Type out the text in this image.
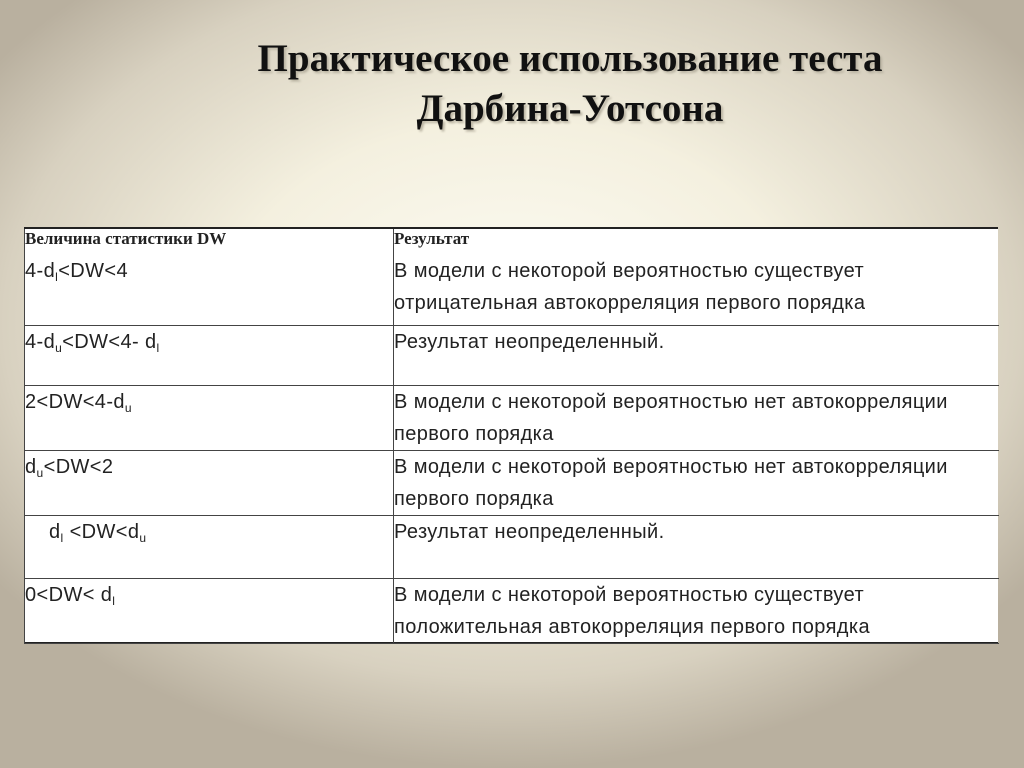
Практическое использование теста
Дарбина-Уотсона
Величина статистики DW	Результат
$4-d_l<DW<4$	В модели с некоторой вероятностью существует отрицательная автокорреляция первого порядка
$4-d_u<DW<4-$ $d_l$	Результат неопределенный.
$2<DW<4-d_u$	В модели с некоторой вероятностью нет автокорреляции первого порядка
$d_u<DW<2$	В модели с некоторой вероятностью нет автокорреляции первого порядка
$d_l <DW<d_u$	Результат неопределенный.
$0<DW< d_l$	В модели с некоторой вероятностью существует положительная автокорреляция первого порядка
